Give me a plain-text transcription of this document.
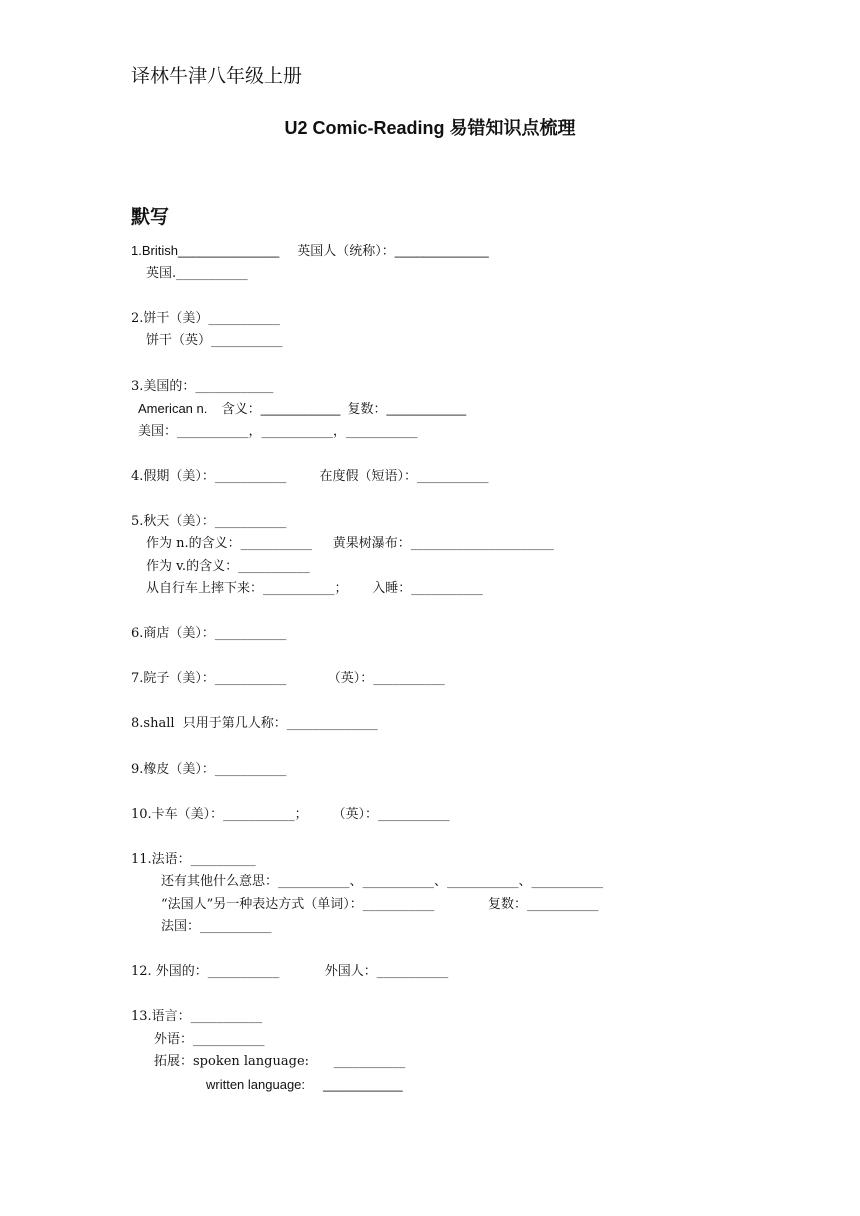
译林牛津八年级上册
U2 Comic-Reading 易错知识点梳理
默写
1.British______________     英国人（统称）：_____________
英国.___________
2.饼干（美）___________
饼干（英）___________
3.美国的：____________
American n.    含义：___________  复数：___________
美国：___________，___________，___________
4.假期（美）：___________        在度假（短语）：___________
5.秋天（美）：___________
作为 n.的含义：___________     黄果树瀑布：______________________
作为 v.的含义：___________
从自行车上摔下来：___________；      入睡：___________
6.商店（美）：___________
7.院子（美）：___________          （英）：___________
8.shall  只用于第几人称：______________
9.橡皮（美）：___________
10.卡车（美）：___________；      （英）：___________
11.法语：__________
还有其他什么意思：___________、___________、___________、___________
“法国人”另一种表达方式（单词）：___________             复数：___________
法国：___________
12. 外国的：___________           外国人：___________
13.语言：___________
外语：___________
拓展：spoken language:      ___________
written language:     ___________
